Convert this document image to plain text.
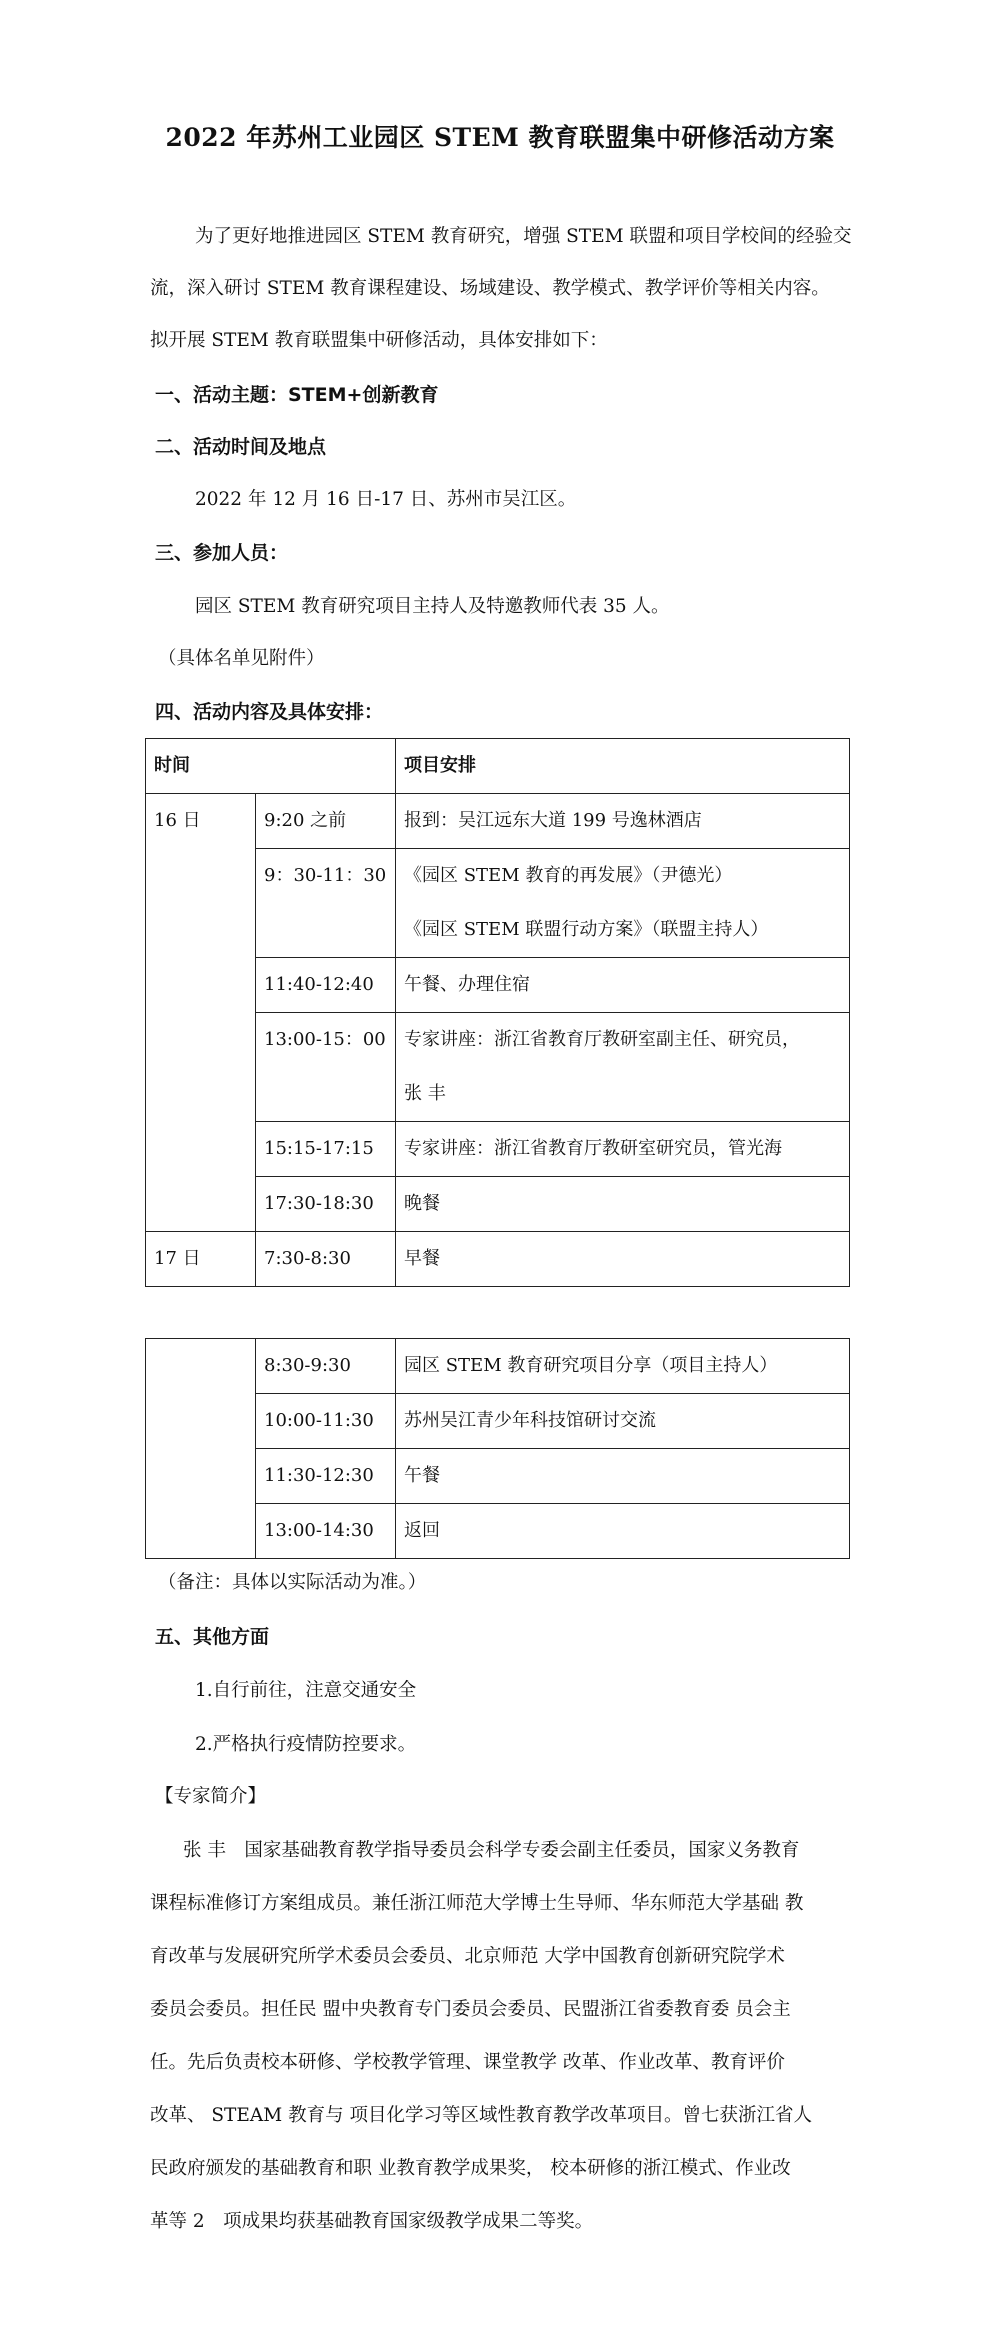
2022 年苏州工业园区 STEM 教育联盟集中研修活动方案
为了更好地推进园区 STEM 教育研究，增强 STEM 联盟和项目学校间的经验交
流，深入研讨 STEM 教育课程建设、场域建设、教学模式、教学评价等相关内容。
拟开展 STEM 教育联盟集中研修活动，具体安排如下：
一、活动主题：STEM+创新教育
二、活动时间及地点
2022 年 12 月 16 日-17 日、苏州市吴江区。
三、参加人员：
园区 STEM 教育研究项目主持人及特邀教师代表 35 人。
（具体名单见附件）
四、活动内容及具体安排：
时间		项目安排
16 日	9:20 之前	报到：吴江远东大道 199 号逸林酒店
	9：30-11：30	《园区 STEM 教育的再发展》（尹德光）
《园区 STEM 联盟行动方案》（联盟主持人）

	11:40-12:40	午餐、办理住宿
	13:00-15：00	专家讲座：浙江省教育厅教研室副主任、研究员，
张 丰

	15:15-17:15	专家讲座：浙江省教育厅教研室研究员，管光海
	17:30-18:30	晚餐
17 日	7:30-8:30	早餐
	8:30-9:30	园区 STEM 教育研究项目分享（项目主持人）
	10:00-11:30	苏州吴江青少年科技馆研讨交流
	11:30-12:30	午餐
	13:00-14:30	返回
（备注：具体以实际活动为准。）
五、其他方面
1.自行前往，注意交通安全
2.严格执行疫情防控要求。
【专家简介】
张 丰　国家基础教育教学指导委员会科学专委会副主任委员，国家义务教育
课程标准修订方案组成员。兼任浙江师范大学博士生导师、华东师范大学基础 教
育改革与发展研究所学术委员会委员、北京师范 大学中国教育创新研究院学术
委员会委员。担任民 盟中央教育专门委员会委员、民盟浙江省委教育委 员会主
任。先后负责校本研修、学校教学管理、课堂教学 改革、作业改革、教育评价
改革、 STEAM 教育与 项目化学习等区域性教育教学改革项目。曾七获浙江省人
民政府颁发的基础教育和职 业教育教学成果奖， 校本研修的浙江模式、作业改
革等 2　项成果均获基础教育国家级教学成果二等奖。
